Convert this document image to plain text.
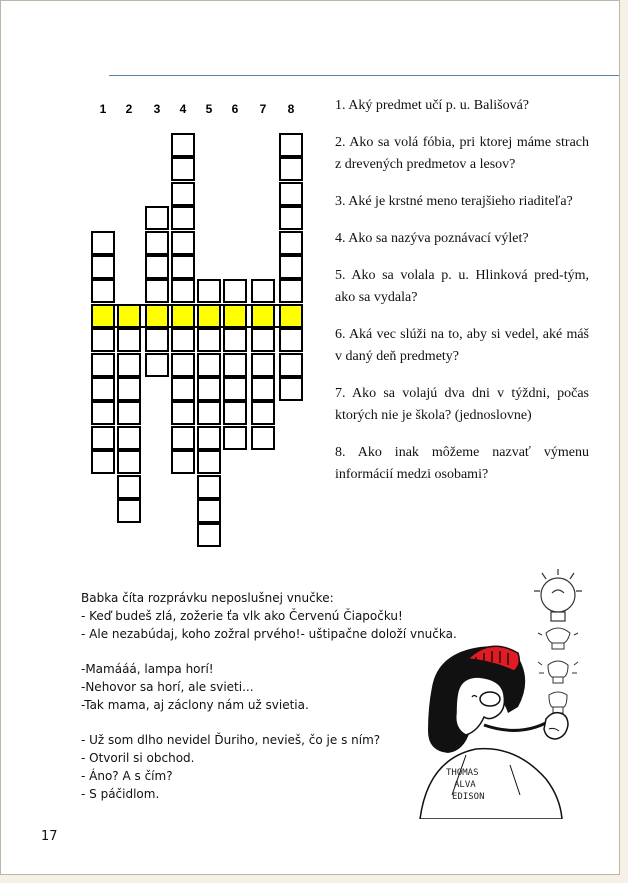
1	2	3	4	5	6	7	8	1. Aký predmet učí p. u. Bališová?

2. Ako sa volá fóbia, pri ktorej máme strach z drevených predmetov a lesov?

3. Aké je krstné meno terajšieho riaditeľa?

4. Ako sa nazýva poznávací výlet?

5. Ako sa volala p. u. Hlinková pred-tým, ako sa vydala?

6. Aká vec slúži na to, aby si vedel, aké máš v daný deň predmety?

7. Ako sa volajú dva dni v týždni, počas ktorých nie je škola? (jednoslovne)

8. Ako inak môžeme nazvať výmenu informácií medzi osobami?

Babka číta rozprávku neposlušnej vnučke:
- Keď budeš zlá, zožerie ťa vlk ako Červenú Čiapočku!
- Ale nezabúdaj, koho zožral prvého!- uštipačne doloží vnučka.
-Mamááá, lampa horí!
-Nehovor sa horí, ale svieti...
-Tak mama, aj záclony nám už svietia.
- Už som dlho nevidel Ďuriho, nevieš, čo je s ním?
- Otvoril si obchod.
- Áno? A s čím?
- S páčidlom.
THOMAS
ALVA
EDISON
17
